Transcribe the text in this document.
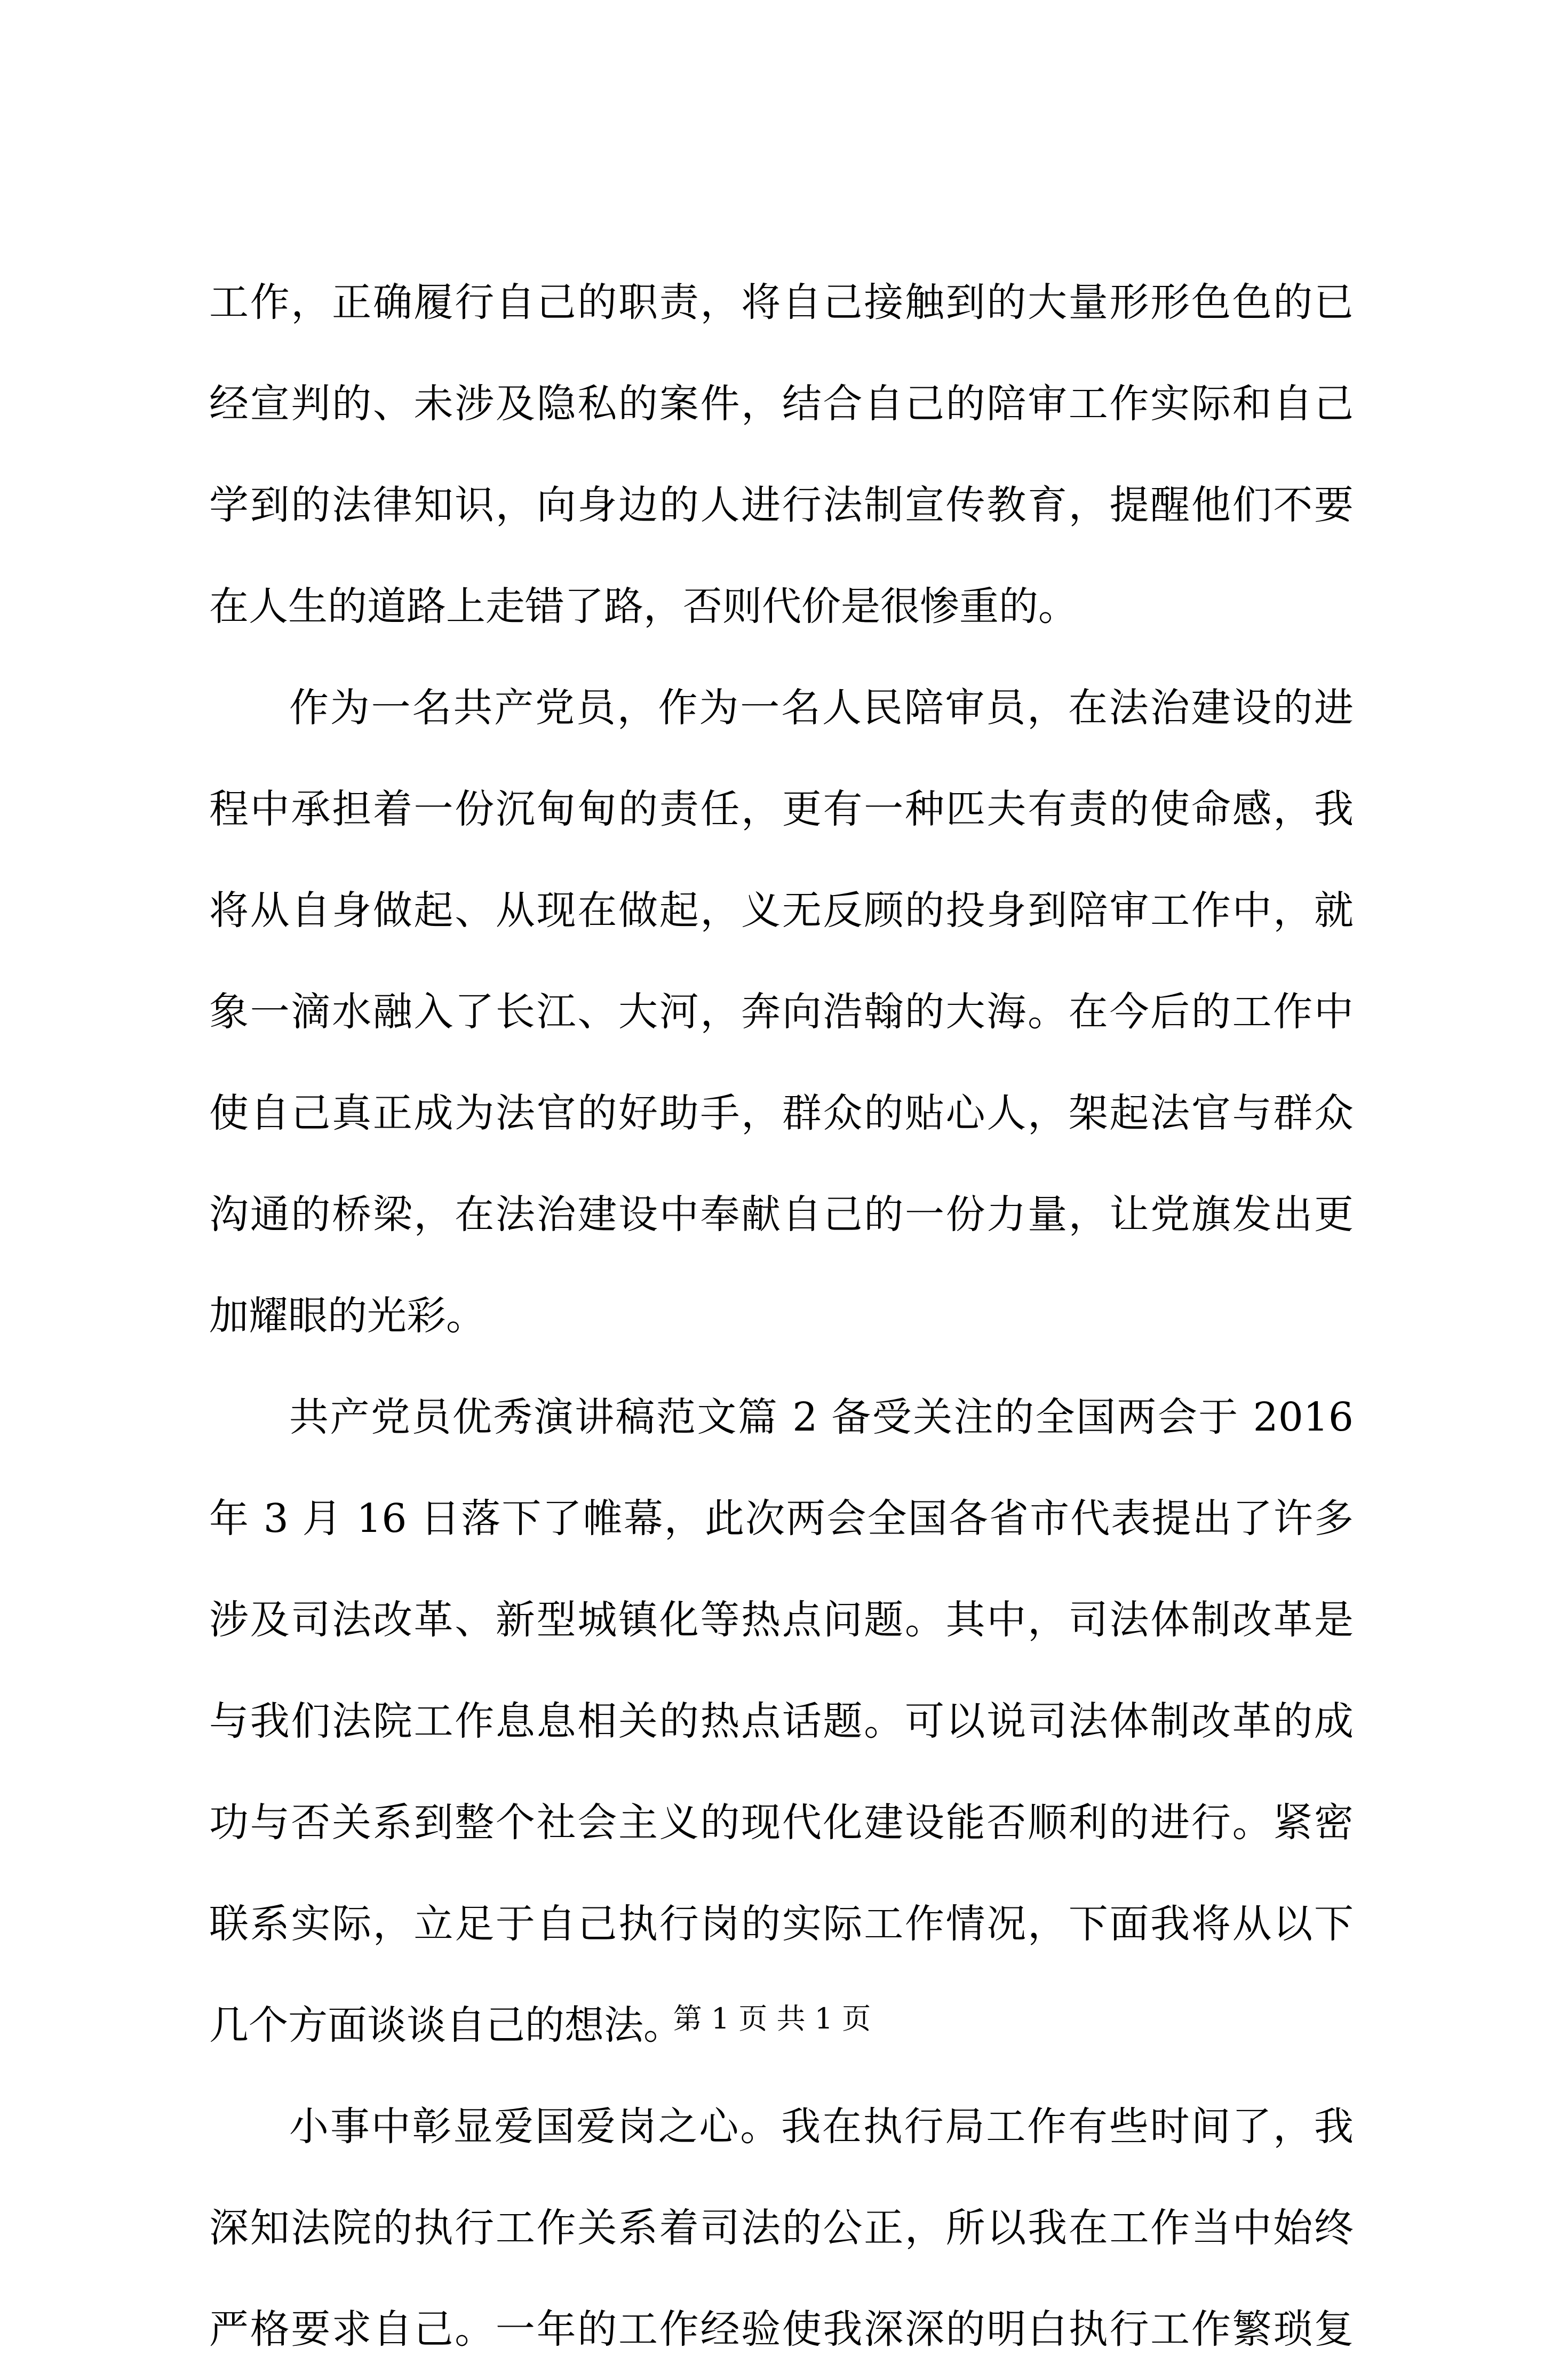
工作，正确履行自己的职责，将自己接触到的大量形形色色的已
经宣判的、未涉及隐私的案件，结合自己的陪审工作实际和自己
学到的法律知识，向身边的人进行法制宣传教育，提醒他们不要
在人生的道路上走错了路，否则代价是很惨重的。
作为一名共产党员，作为一名人民陪审员，在法治建设的进
程中承担着一份沉甸甸的责任，更有一种匹夫有责的使命感，我
将从自身做起、从现在做起，义无反顾的投身到陪审工作中，就
象一滴水融入了长江、大河，奔向浩翰的大海。在今后的工作中
使自己真正成为法官的好助手，群众的贴心人，架起法官与群众
沟通的桥梁，在法治建设中奉献自己的一份力量，让党旗发出更
加耀眼的光彩。
共产党员优秀演讲稿范文篇 2 备受关注的全国两会于 2016
年 3 月 16 日落下了帷幕，此次两会全国各省市代表提出了许多
涉及司法改革、新型城镇化等热点问题。其中，司法体制改革是
与我们法院工作息息相关的热点话题。可以说司法体制改革的成
功与否关系到整个社会主义的现代化建设能否顺利的进行。紧密
联系实际，立足于自己执行岗的实际工作情况，下面我将从以下
几个方面谈谈自己的想法。
小事中彰显爱国爱岗之心。我在执行局工作有些时间了，我
深知法院的执行工作关系着司法的公正，所以我在工作当中始终
严格要求自己。一年的工作经验使我深深的明白执行工作繁琐复
第 1 页 共 1 页
